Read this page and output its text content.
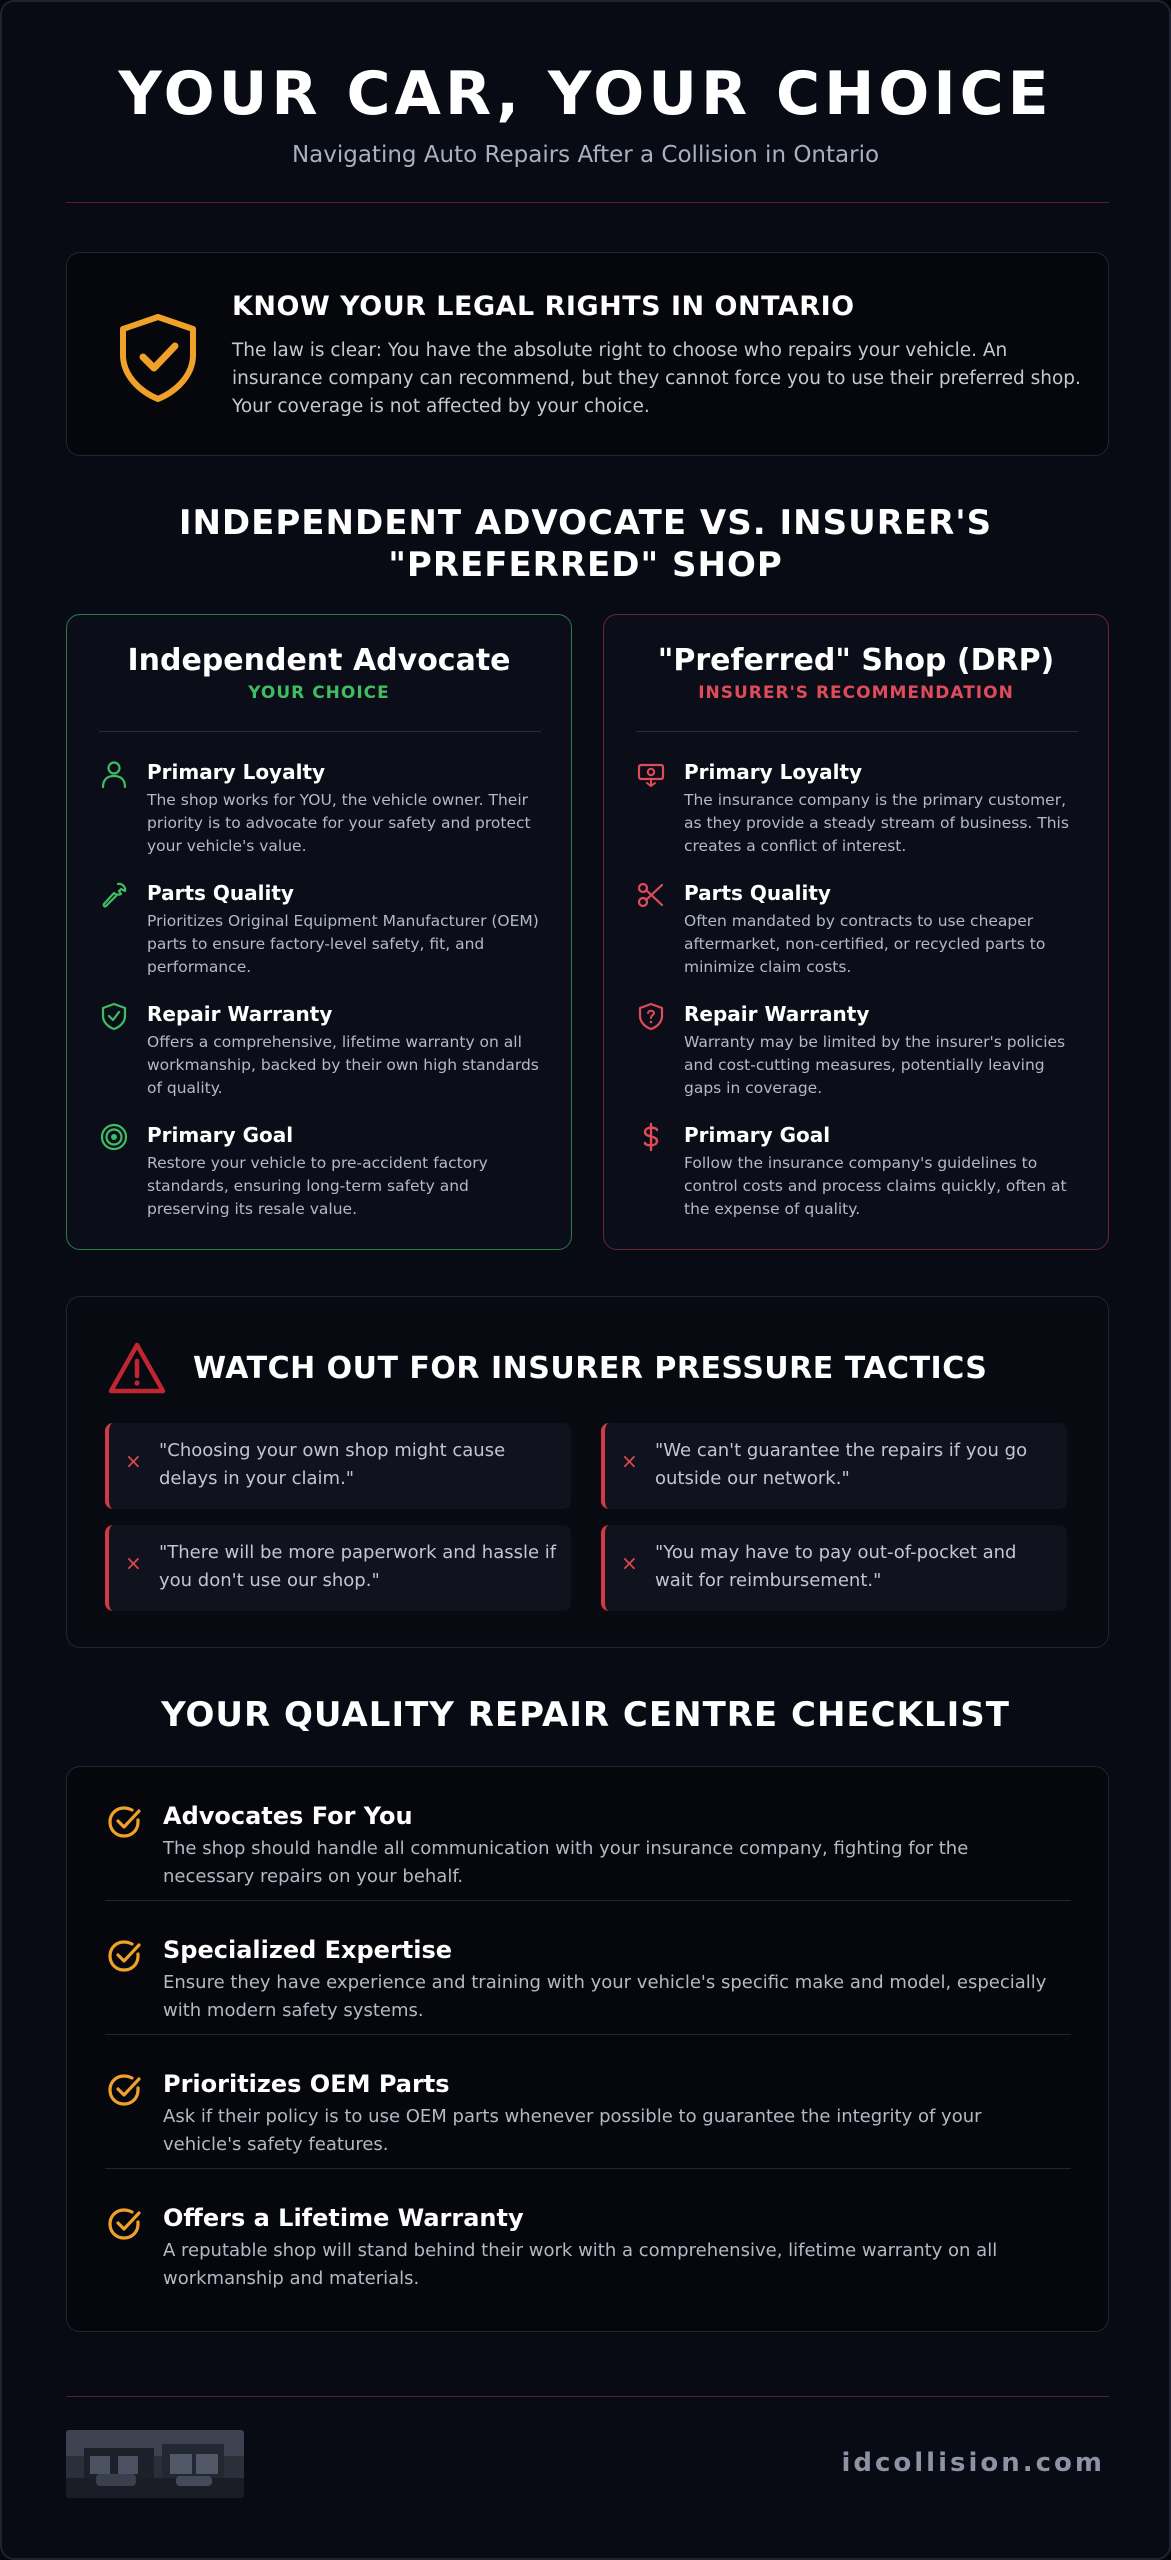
YOUR CAR, YOUR CHOICE
Navigating Auto Repairs After a Collision in Ontario
KNOW YOUR LEGAL RIGHTS IN ONTARIO
The law is clear: You have the absolute right to choose who repairs your vehicle. An insurance company can recommend, but they cannot force you to use their preferred shop. Your coverage is not affected by your choice.
INDEPENDENT ADVOCATE VS. INSURER'S "PREFERRED" SHOP
Independent Advocate
YOUR CHOICE
Primary Loyalty
The shop works for YOU, the vehicle owner. Their priority is to advocate for your safety and protect your vehicle's value.
Parts Quality
Prioritizes Original Equipment Manufacturer (OEM) parts to ensure factory-level safety, fit, and performance.
Repair Warranty
Offers a comprehensive, lifetime warranty on all workmanship, backed by their own high standards of quality.
Primary Goal
Restore your vehicle to pre-accident factory standards, ensuring long-term safety and preserving its resale value.
"Preferred" Shop (DRP)
INSURER'S RECOMMENDATION
Primary Loyalty
The insurance company is the primary customer, as they provide a steady stream of business. This creates a conflict of interest.
Parts Quality
Often mandated by contracts to use cheaper aftermarket, non-certified, or recycled parts to minimize claim costs.
Repair Warranty
Warranty may be limited by the insurer's policies and cost-cutting measures, potentially leaving gaps in coverage.
Primary Goal
Follow the insurance company's guidelines to control costs and process claims quickly, often at the expense of quality.
WATCH OUT FOR INSURER PRESSURE TACTICS
× "Choosing your own shop might cause delays in your claim."
× "We can't guarantee the repairs if you go outside our network."
× "There will be more paperwork and hassle if you don't use our shop."
× "You may have to pay out-of-pocket and wait for reimbursement."
YOUR QUALITY REPAIR CENTRE CHECKLIST
Advocates For You
The shop should handle all communication with your insurance company, fighting for the necessary repairs on your behalf.
Specialized Expertise
Ensure they have experience and training with your vehicle's specific make and model, especially with modern safety systems.
Prioritizes OEM Parts
Ask if their policy is to use OEM parts whenever possible to guarantee the integrity of your vehicle's safety features.
Offers a Lifetime Warranty
A reputable shop will stand behind their work with a comprehensive, lifetime warranty on all workmanship and materials.
idcollision.com
